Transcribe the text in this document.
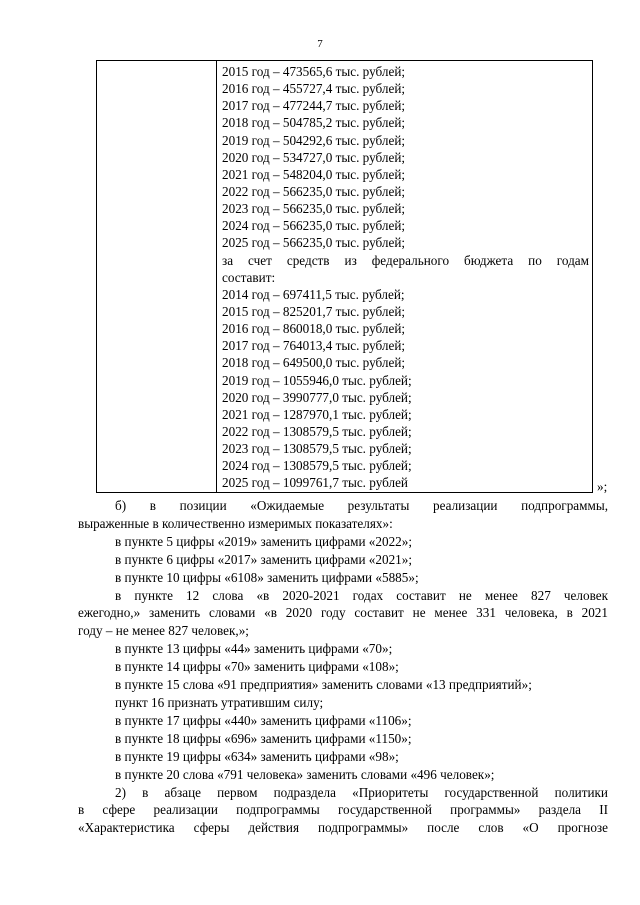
7

2015 год – 473565,6 тыс. рублей;
2016 год – 455727,4 тыс. рублей;
2017 год – 477244,7 тыс. рублей;
2018 год – 504785,2 тыс. рублей;
2019 год – 504292,6 тыс. рублей;
2020 год – 534727,0 тыс. рублей;
2021 год – 548204,0 тыс. рублей;
2022 год – 566235,0 тыс. рублей;
2023 год – 566235,0 тыс. рублей;
2024 год – 566235,0 тыс. рублей;
2025 год – 566235,0 тыс. рублей;
за счет средств из федерального бюджета по годам
составит:
2014 год – 697411,5 тыс. рублей;
2015 год – 825201,7 тыс. рублей;
2016 год – 860018,0 тыс. рублей;
2017 год – 764013,4 тыс. рублей;
2018 год – 649500,0 тыс. рублей;
2019 год – 1055946,0 тыс. рублей;
2020 год – 3990777,0 тыс. рублей;
2021 год – 1287970,1 тыс. рублей;
2022 год – 1308579,5 тыс. рублей;
2023 год – 1308579,5 тыс. рублей;
2024 год – 1308579,5 тыс. рублей;
2025 год – 1099761,7 тыс. рублей	»;
б) в позиции «Ожидаемые результаты реализации подпрограммы,
выраженные в количественно измеримых показателях»:
в пункте 5 цифры «2019» заменить цифрами «2022»;
в пункте 6 цифры «2017» заменить цифрами «2021»;
в пункте 10 цифры «6108» заменить цифрами «5885»;
в пункте 12 слова «в 2020-2021 годах составит не менее 827 человек
ежегодно,» заменить словами «в 2020 году составит не менее 331 человека, в 2021
году – не менее 827 человек,»;
в пункте 13 цифры «44» заменить цифрами «70»;
в пункте 14 цифры «70» заменить цифрами «108»;
в пункте 15 слова «91 предприятия» заменить словами «13 предприятий»;
пункт 16 признать утратившим силу;
в пункте 17 цифры «440» заменить цифрами «1106»;
в пункте 18 цифры «696» заменить цифрами «1150»;
в пункте 19 цифры «634» заменить цифрами «98»;
в пункте 20 слова «791 человека» заменить словами «496 человек»;
2) в абзаце первом подраздела «Приоритеты государственной политики
в сфере реализации подпрограммы государственной программы» раздела II
«Характеристика сферы действия подпрограммы» после слов «О прогнозе
